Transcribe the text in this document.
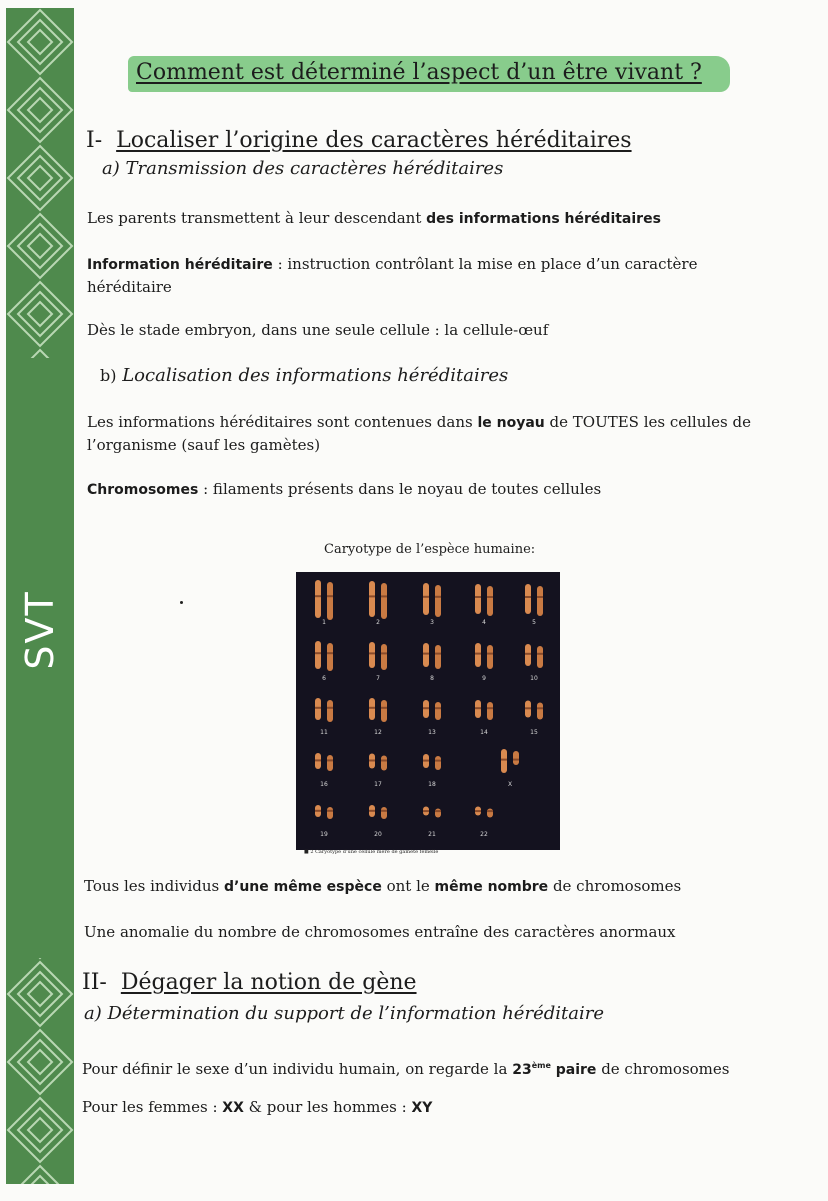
SVT
Comment est déterminé l’aspect d’un être vivant ?
I- Localiser l’origine des caractères héréditaires
a) Transmission des caractères héréditaires
Les parents transmettent à leur descendant des informations héréditaires
Information héréditaire : instruction contrôlant la mise en place d’un caractère
héréditaire
Dès le stade embryon, dans une seule cellule : la cellule-œuf
b) Localisation des informations héréditaires
Les informations héréditaires sont contenues dans le noyau de TOUTES les cellules de
l’organisme (sauf les gamètes)
Chromosomes : filaments présents dans le noyau de toutes cellules
Caryotype de l’espèce humaine:
1	2	3	4	5
6	7	8	9	10
11	12	13	14	15
16	17	18	X
19	20	21	22
■ 2 Caryotype d’une cellule mère de gamète femelle
Tous les individus d’une même espèce ont le même nombre de chromosomes
Une anomalie du nombre de chromosomes entraîne des caractères anormaux
II- Dégager la notion de gène
a) Détermination du support de l’information héréditaire
Pour définir le sexe d’un individu humain, on regarde la 23ème paire de chromosomes
Pour les femmes : XX & pour les hommes : XY
